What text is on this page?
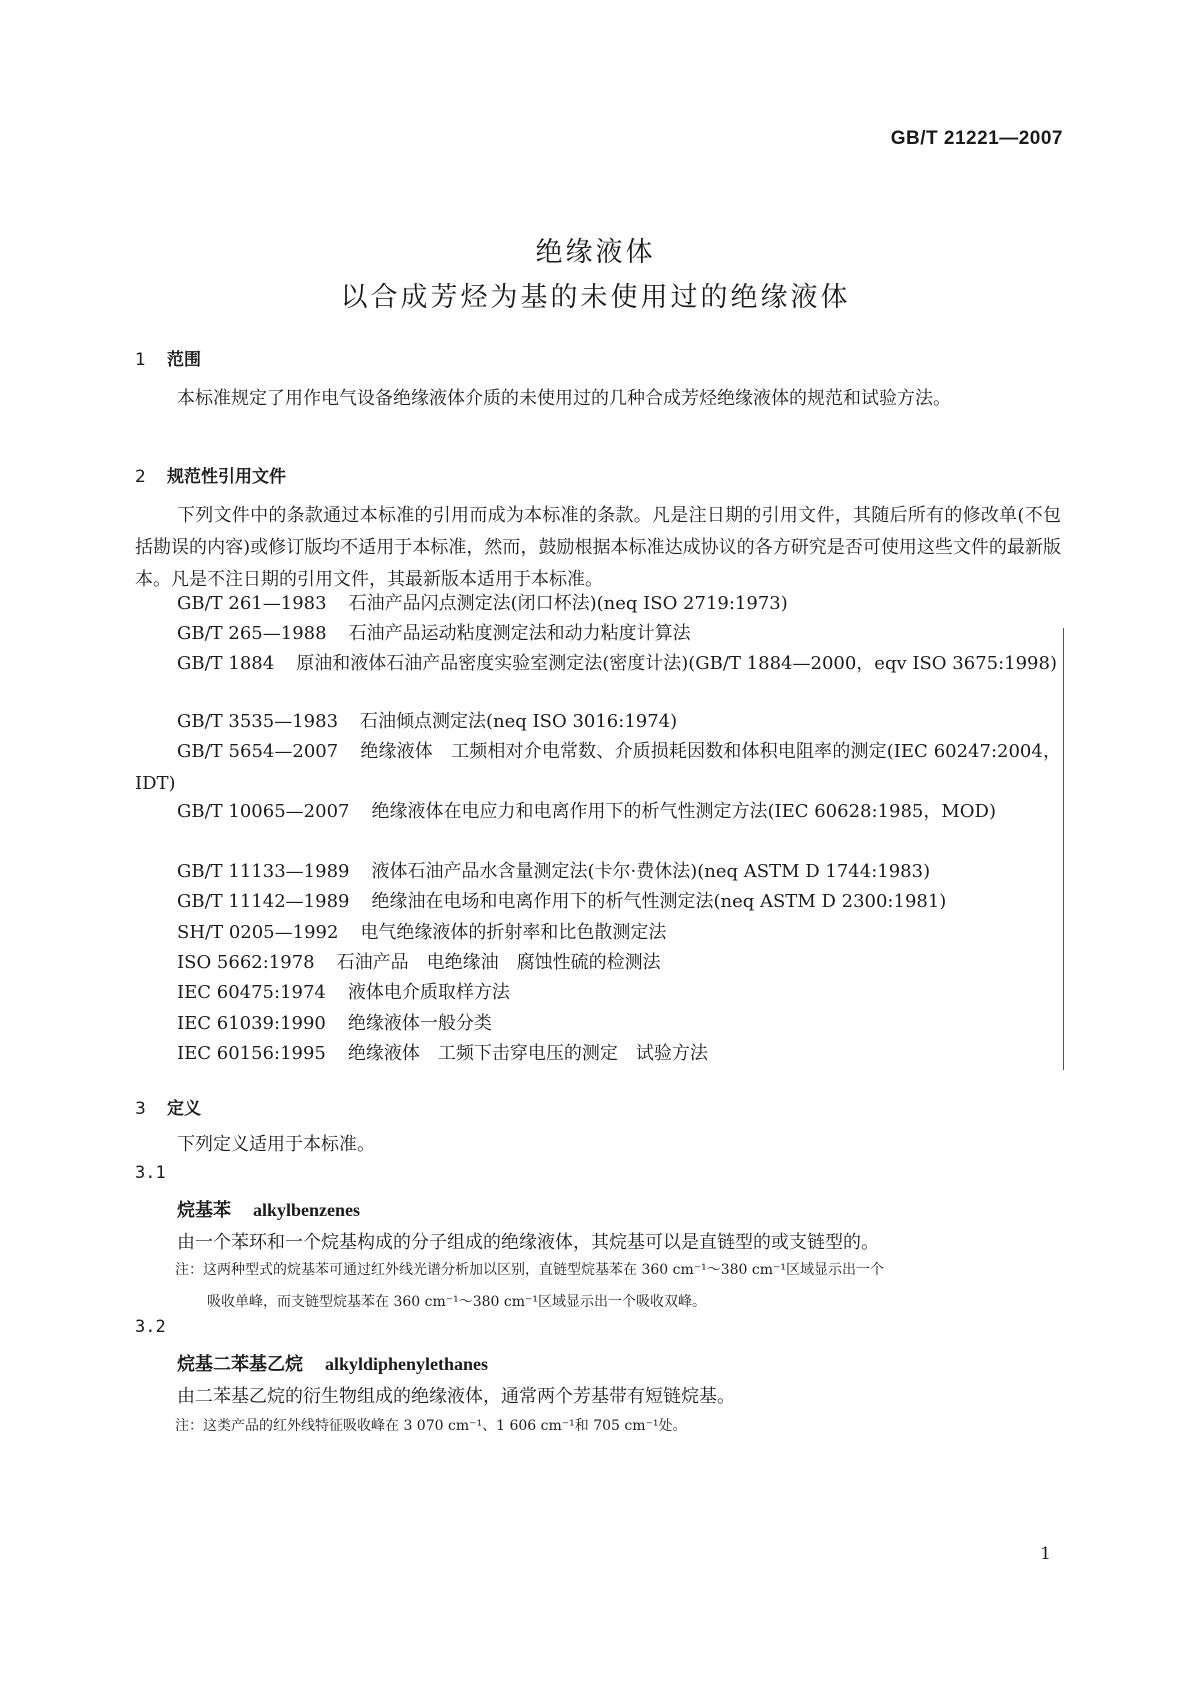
GB/T 21221—2007
绝缘液体
以合成芳烃为基的未使用过的绝缘液体
1 范围
本标准规定了用作电气设备绝缘液体介质的未使用过的几种合成芳烃绝缘液体的规范和试验方法。
2 规范性引用文件
下列文件中的条款通过本标准的引用而成为本标准的条款。凡是注日期的引用文件，其随后所有的修改单(不包括勘误的内容)或修订版均不适用于本标准，然而，鼓励根据本标准达成协议的各方研究是否可使用这些文件的最新版本。凡是不注日期的引用文件，其最新版本适用于本标准。
GB/T 261—1983 石油产品闪点测定法(闭口杯法)(neq ISO 2719:1973)
GB/T 265—1988 石油产品运动粘度测定法和动力粘度计算法
GB/T 1884 原油和液体石油产品密度实验室测定法(密度计法)(GB/T 1884—2000，eqv ISO 3675:1998)
GB/T 3535—1983 石油倾点测定法(neq ISO 3016:1974)
GB/T 5654—2007 绝缘液体　工频相对介电常数、介质损耗因数和体积电阻率的测定(IEC 60247:2004，IDT)
GB/T 10065—2007 绝缘液体在电应力和电离作用下的析气性测定方法(IEC 60628:1985，MOD)
GB/T 11133—1989 液体石油产品水含量测定法(卡尔·费休法)(neq ASTM D 1744:1983)
GB/T 11142—1989 绝缘油在电场和电离作用下的析气性测定法(neq ASTM D 2300:1981)
SH/T 0205—1992 电气绝缘液体的折射率和比色散测定法
ISO 5662:1978 石油产品　电绝缘油　腐蚀性硫的检测法
IEC 60475:1974 液体电介质取样方法
IEC 61039:1990 绝缘液体一般分类
IEC 60156:1995 绝缘液体　工频下击穿电压的测定　试验方法
3 定义
下列定义适用于本标准。
3.1
烷基苯 alkylbenzenes
由一个苯环和一个烷基构成的分子组成的绝缘液体，其烷基可以是直链型的或支链型的。
注：这两种型式的烷基苯可通过红外线光谱分析加以区别，直链型烷基苯在 360 cm⁻¹～380 cm⁻¹区域显示出一个
吸收单峰，而支链型烷基苯在 360 cm⁻¹～380 cm⁻¹区域显示出一个吸收双峰。
3.2
烷基二苯基乙烷 alkyldiphenylethanes
由二苯基乙烷的衍生物组成的绝缘液体，通常两个芳基带有短链烷基。
注：这类产品的红外线特征吸收峰在 3 070 cm⁻¹、1 606 cm⁻¹和 705 cm⁻¹处。
1
